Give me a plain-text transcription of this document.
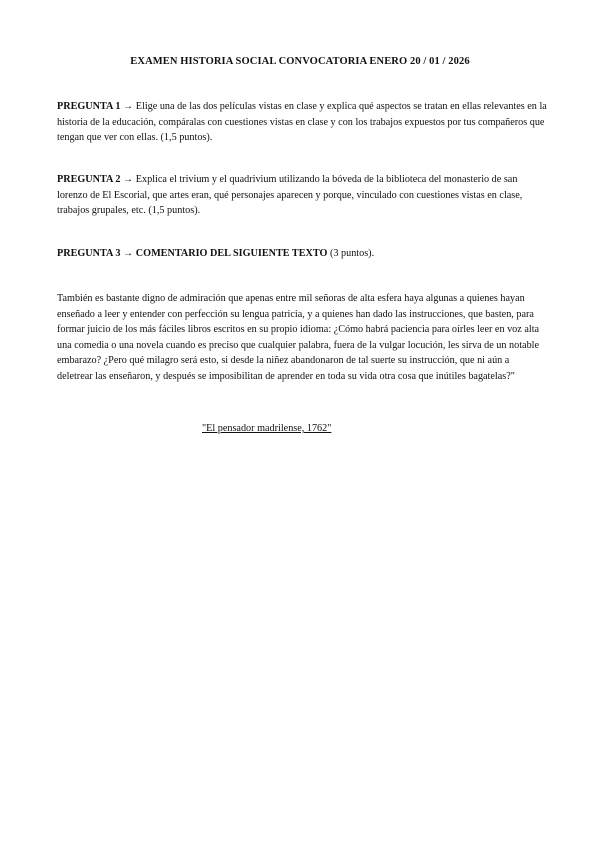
EXAMEN HISTORIA SOCIAL CONVOCATORIA ENERO 20 / 01 / 2026
PREGUNTA 1 → Elige una de las dos películas vistas en clase y explica qué aspectos se tratan en ellas relevantes en la historia de la educación, compáralas con cuestiones vistas en clase y con los trabajos expuestos por tus compañeros que tengan que ver con ellas. (1,5 puntos).
PREGUNTA 2 → Explica el trivium y el quadrivium utilizando la bóveda de la biblioteca del monasterio de san lorenzo de El Escorial, que artes eran, qué personajes aparecen y porque, vinculado con cuestiones vistas en clase, trabajos grupales, etc. (1,5 puntos).
PREGUNTA 3 → COMENTARIO DEL SIGUIENTE TEXTO (3 puntos).
También es bastante digno de admiración que apenas entre mil señoras de alta esfera haya algunas a quienes hayan enseñado a leer y entender con perfección su lengua patricia, y a quienes han dado las instrucciones, que basten, para formar juicio de los más fáciles libros escritos en su propio idioma: ¿Cómo habrá paciencia para oírles leer en voz alta una comedia o una novela cuando es preciso que cualquier palabra, fuera de la vulgar locución, les sirva de un notable embarazo? ¿Pero qué milagro será esto, si desde la niñez abandonaron de tal suerte su instrucción, que ni aún a deletrear las enseñaron, y después se imposibilitan de aprender en toda su vida otra cosa que inútiles bagatelas?"
"El pensador madrilense, 1762"
